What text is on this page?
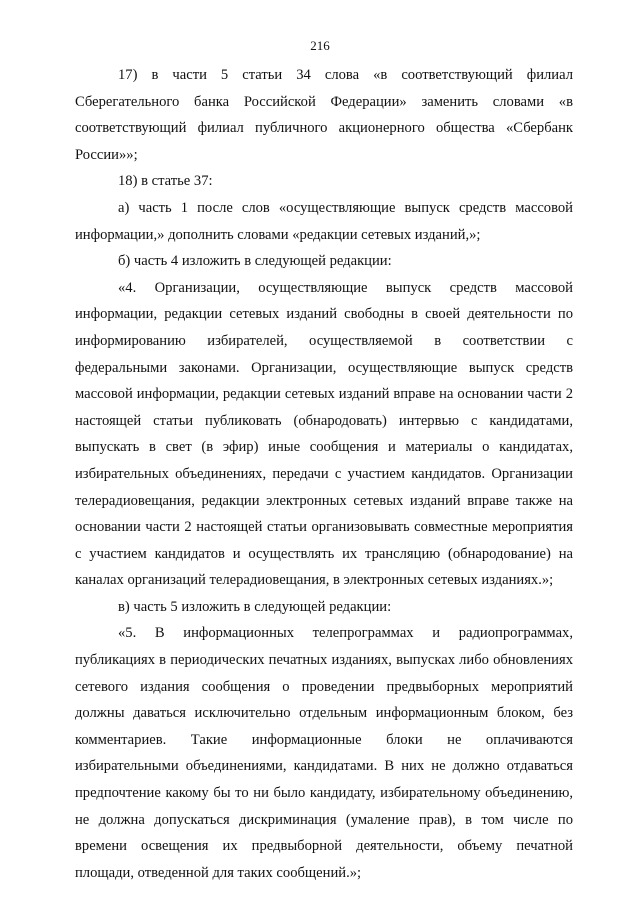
216

17) в части 5 статьи 34 слова «в соответствующий филиал Сберегательного банка Российской Федерации» заменить словами «в соответствующий филиал публичного акционерного общества «Сбербанк России»»;

18) в статье 37:

а) часть 1 после слов «осуществляющие выпуск средств массовой информации,» дополнить словами «редакции сетевых изданий,»;

б) часть 4 изложить в следующей редакции:

«4. Организации, осуществляющие выпуск средств массовой информации, редакции сетевых изданий свободны в своей деятельности по информированию избирателей, осуществляемой в соответствии с федеральными законами. Организации, осуществляющие выпуск средств массовой информации, редакции сетевых изданий вправе на основании части 2 настоящей статьи публиковать (обнародовать) интервью с кандидатами, выпускать в свет (в эфир) иные сообщения и материалы о кандидатах, избирательных объединениях, передачи с участием кандидатов. Организации телерадиовещания, редакции электронных сетевых изданий вправе также на основании части 2 настоящей статьи организовывать совместные мероприятия с участием кандидатов и осуществлять их трансляцию (обнародование) на каналах организаций телерадиовещания, в электронных сетевых изданиях.»;

в) часть 5 изложить в следующей редакции:

«5. В информационных телепрограммах и радиопрограммах, публикациях в периодических печатных изданиях, выпусках либо обновлениях сетевого издания сообщения о проведении предвыборных мероприятий должны даваться исключительно отдельным информационным блоком, без комментариев. Такие информационные блоки не оплачиваются избирательными объединениями, кандидатами. В них не должно отдаваться предпочтение какому бы то ни было кандидату, избирательному объединению, не должна допускаться дискриминация (умаление прав), в том числе по времени освещения их предвыборной деятельности, объему печатной площади, отведенной для таких сообщений.»;
